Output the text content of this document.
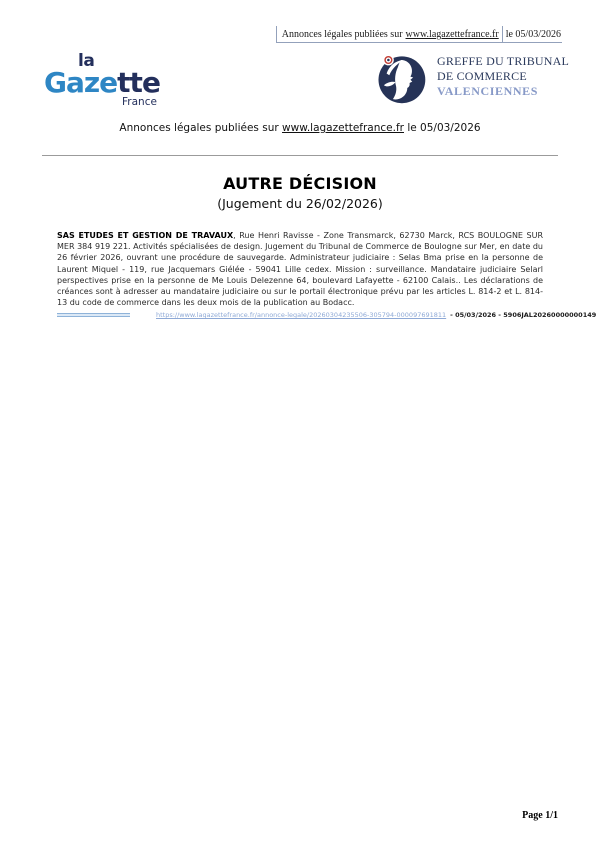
Annonces légales publiées sur www.lagazettefrance.fr le 05/03/2026
la
Gazette
France
GREFFE DU TRIBUNAL
DE COMMERCE
VALENCIENNES
Annonces légales publiées sur www.lagazettefrance.fr le 05/03/2026
AUTRE DÉCISION
(Jugement du 26/02/2026)

SAS ETUDES ET GESTION DE TRAVAUX, Rue Henri Ravisse - Zone Transmarck, 62730 Marck, RCS BOULOGNE SUR MER 384 919 221. Activités spécialisées de design. Jugement du Tribunal de Commerce de Boulogne sur Mer, en date du 26 février 2026, ouvrant une procédure de sauvegarde. Administrateur judiciaire : Selas Bma prise en la personne de Laurent Miquel - 119, rue Jacquemars Giélée - 59041 Lille cedex. Mission : surveillance. Mandataire judiciaire Selarl perspectives prise en la personne de Me Louis Delezenne 64, boulevard Lafayette - 62100 Calais.. Les déclarations de créances sont à adresser au mandataire judiciaire ou sur le portail électronique prévu par les articles L. 814-2 et L. 814-13 du code de commerce dans les deux mois de la publication au Bodacc.

https://www.lagazettefrance.fr/annonce-legale/20260304235506-305794-000097691811 - 05/03/2026 - 5906JAL20260000000149
Page 1/1
